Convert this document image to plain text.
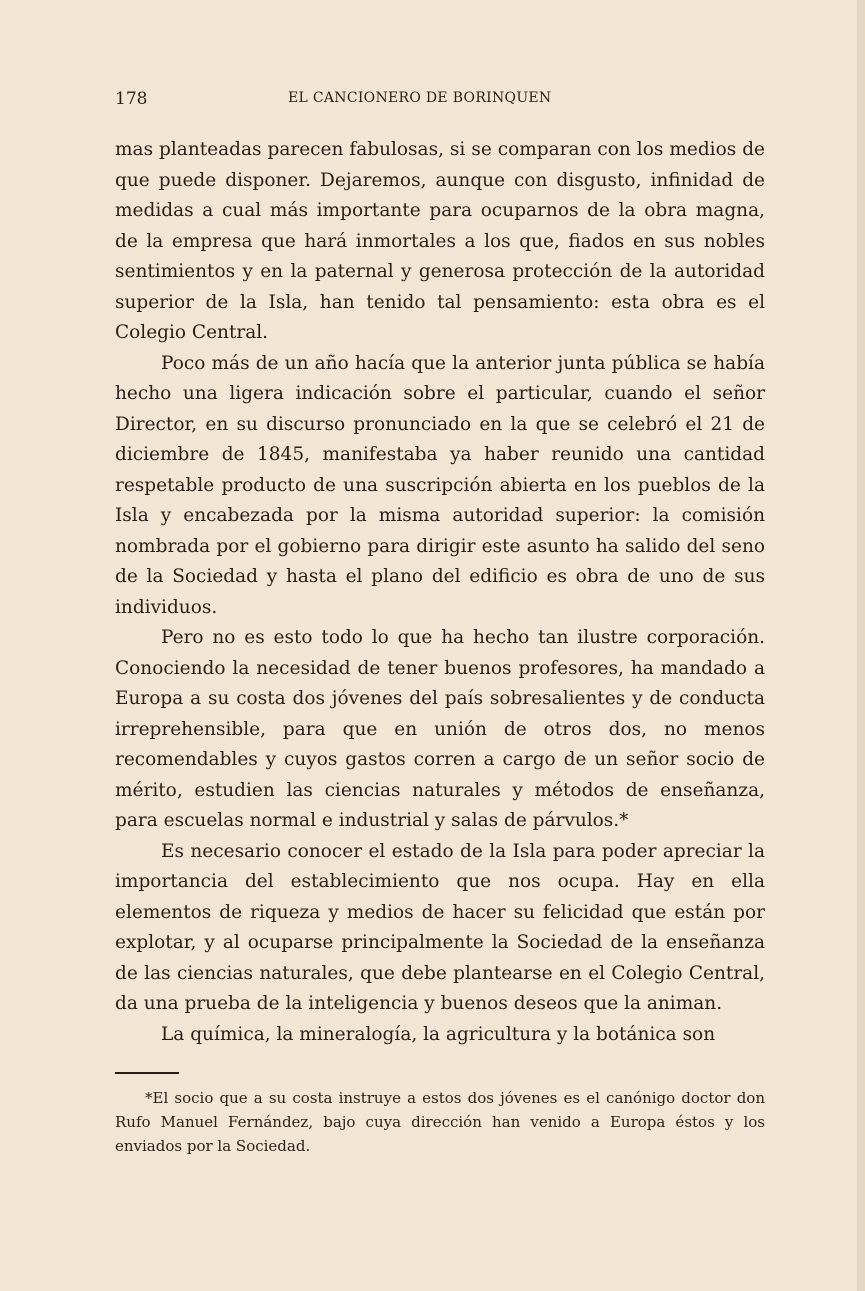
178	EL CANCIONERO DE BORINQUEN

mas planteadas parecen fabulosas, si se comparan con los medios de que puede disponer. Dejaremos, aunque con disgusto, infinidad de medidas a cual más importante para ocuparnos de la obra magna, de la empresa que hará inmortales a los que, fiados en sus nobles sentimientos y en la paternal y generosa protección de la autoridad superior de la Isla, han tenido tal pensamiento: esta obra es el Colegio Central.

Poco más de un año hacía que la anterior junta pública se había hecho una ligera indicación sobre el particular, cuando el señor Director, en su discurso pronunciado en la que se celebró el 21 de diciembre de 1845, manifestaba ya haber reunido una cantidad respetable producto de una suscripción abierta en los pueblos de la Isla y encabezada por la misma autoridad superior: la comisión nombrada por el gobierno para dirigir este asunto ha salido del seno de la Sociedad y hasta el plano del edificio es obra de uno de sus individuos.

Pero no es esto todo lo que ha hecho tan ilustre corporación. Conociendo la necesidad de tener buenos profesores, ha mandado a Europa a su costa dos jóvenes del país sobresalientes y de conducta irreprehensible, para que en unión de otros dos, no menos recomendables y cuyos gastos corren a cargo de un señor socio de mérito, estudien las ciencias naturales y métodos de enseñanza, para escuelas normal e industrial y salas de párvulos.*

Es necesario conocer el estado de la Isla para poder apreciar la importancia del establecimiento que nos ocupa. Hay en ella elementos de riqueza y medios de hacer su felicidad que están por explotar, y al ocuparse principalmente la Sociedad de la enseñanza de las ciencias naturales, que debe plantearse en el Colegio Central, da una prueba de la inteligencia y buenos deseos que la animan.

La química, la mineralogía, la agricultura y la botánica son

*El socio que a su costa instruye a estos dos jóvenes es el canónigo doctor don Rufo Manuel Fernández, bajo cuya dirección han venido a Europa éstos y los enviados por la Sociedad.
